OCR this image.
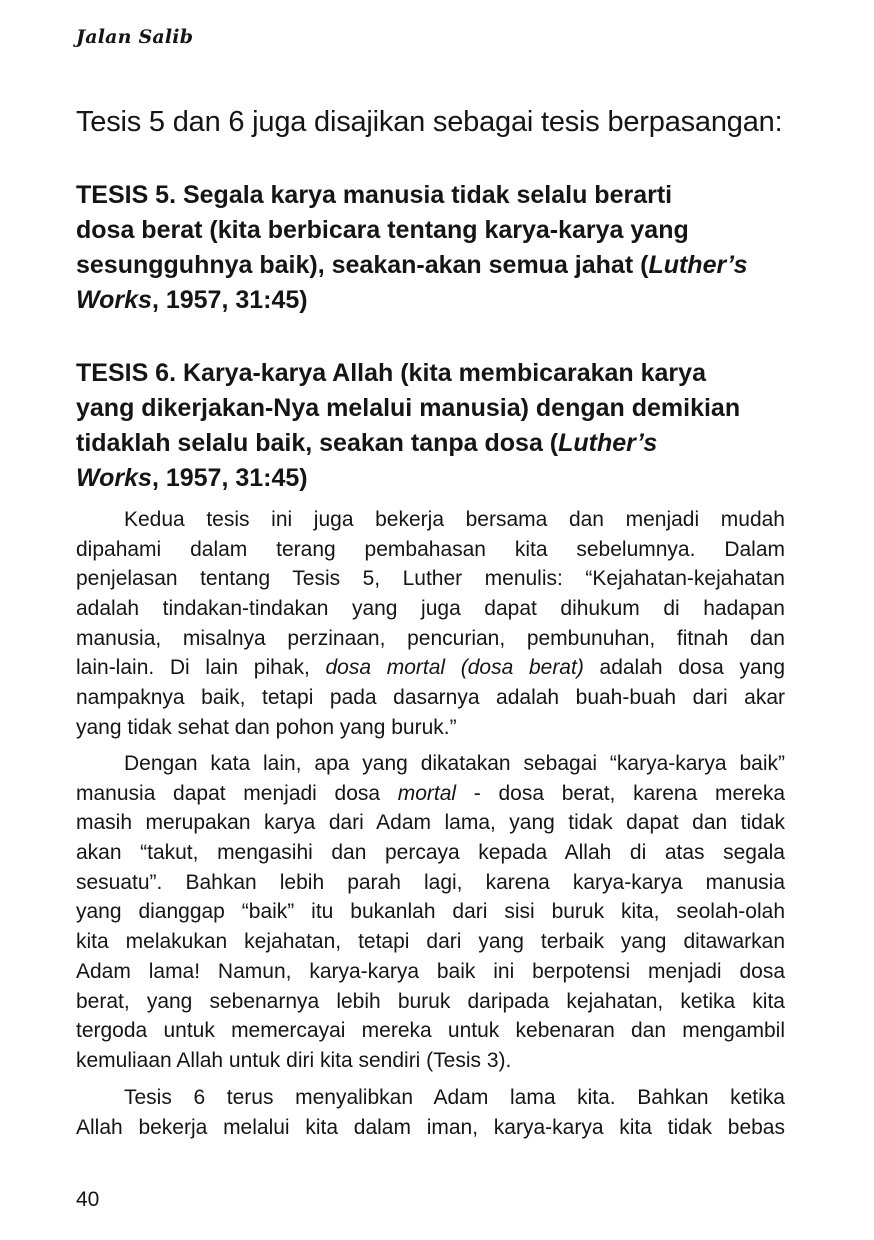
Jalan Salib
Tesis 5 dan 6 juga disajikan sebagai tesis berpasangan:
TESIS 5. Segala karya manusia tidak selalu berarti
dosa berat (kita berbicara tentang karya-karya yang
sesungguhnya baik), seakan-akan semua jahat (Luther’s
Works, 1957, 31:45)
TESIS 6. Karya-karya Allah (kita membicarakan karya
yang dikerjakan-Nya melalui manusia) dengan demikian
tidaklah selalu baik, seakan tanpa dosa (Luther’s
Works, 1957, 31:45)
Kedua tesis ini juga bekerja bersama dan menjadi mudah
dipahami dalam terang pembahasan kita sebelumnya. Dalam
penjelasan tentang Tesis 5, Luther menulis: “Kejahatan-kejahatan
adalah tindakan-tindakan yang juga dapat dihukum di hadapan
manusia, misalnya perzinaan, pencurian, pembunuhan, fitnah dan
lain-lain. Di lain pihak, dosa mortal (dosa berat) adalah dosa yang
nampaknya baik, tetapi pada dasarnya adalah buah-buah dari akar
yang tidak sehat dan pohon yang buruk.”
Dengan kata lain, apa yang dikatakan sebagai “karya-karya baik”
manusia dapat menjadi dosa mortal - dosa berat, karena mereka
masih merupakan karya dari Adam lama, yang tidak dapat dan tidak
akan “takut, mengasihi dan percaya kepada Allah di atas segala
sesuatu”. Bahkan lebih parah lagi, karena karya-karya manusia
yang dianggap “baik” itu bukanlah dari sisi buruk kita, seolah-olah
kita melakukan kejahatan, tetapi dari yang terbaik yang ditawarkan
Adam lama! Namun, karya-karya baik ini berpotensi menjadi dosa
berat, yang sebenarnya lebih buruk daripada kejahatan, ketika kita
tergoda untuk memercayai mereka untuk kebenaran dan mengambil
kemuliaan Allah untuk diri kita sendiri (Tesis 3).
Tesis 6 terus menyalibkan Adam lama kita. Bahkan ketika
Allah bekerja melalui kita dalam iman, karya-karya kita tidak bebas
40
